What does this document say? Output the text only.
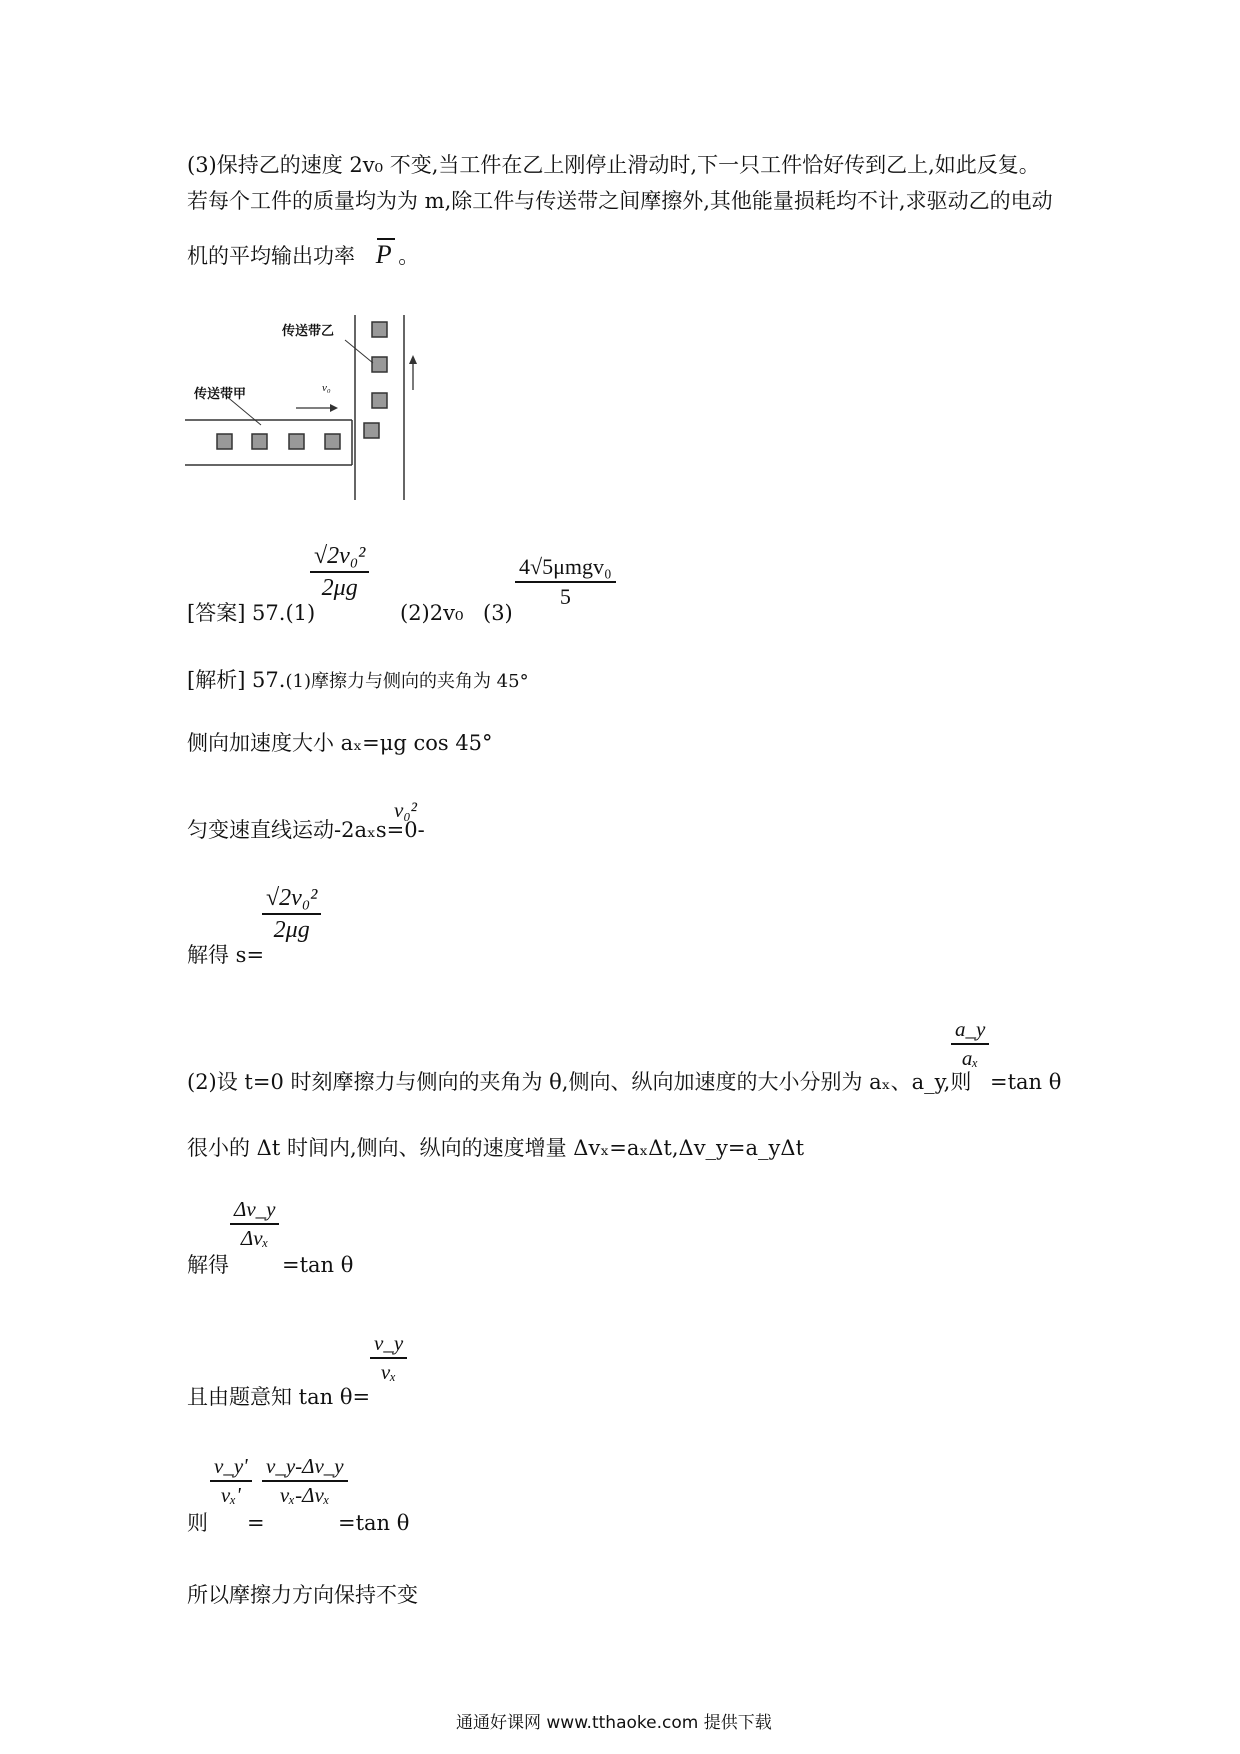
(3)保持乙的速度 2v₀ 不变,当工件在乙上刚停止滑动时,下一只工件恰好传到乙上,如此反复。
若每个工件的质量均为为 m,除工件与传送带之间摩擦外,其他能量损耗均不计,求驱动乙的电动
机的平均输出功率 P 。
传送带乙
传送带甲	v₀
[答案] 57.(1)
√2v₀²
2μg
(2)2v₀ (3)
4√5μmgv₀
5
[解析] 57.(1)摩擦力与侧向的夹角为 45°
侧向加速度大小 aₓ=μg cos 45°
匀变速直线运动-2aₓs=0-
v₀²
解得 s=
√2v₀²
2μg
(2)设 t=0 时刻摩擦力与侧向的夹角为 θ,侧向、纵向加速度的大小分别为 aₓ、a_y,则
a_y
aₓ
=tan θ
很小的 Δt 时间内,侧向、纵向的速度增量 Δvₓ=aₓΔt,Δv_y=a_yΔt
解得
Δv_y
Δvₓ
=tan θ
且由题意知 tan θ=
v_y
vₓ
则
v_y'
vₓ'
=
v_y-Δv_y
vₓ-Δvₓ
=tan θ
所以摩擦力方向保持不变
通通好课网 www.tthaoke.com 提供下载
